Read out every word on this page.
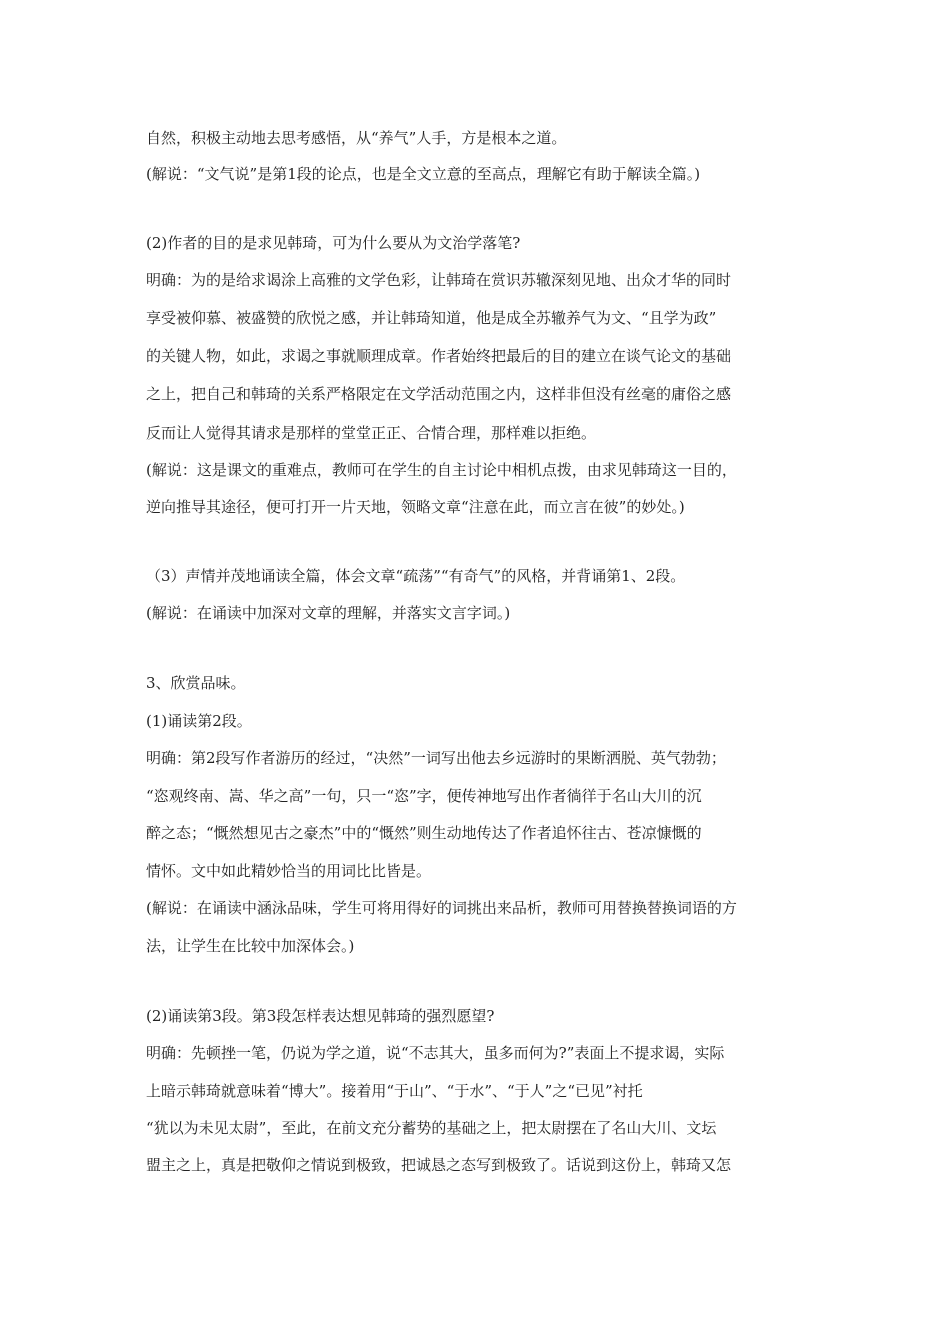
自然，积极主动地去思考感悟，从“养气”人手，方是根本之道。
(解说：“文气说”是第1段的论点，也是全文立意的至高点，理解它有助于解读全篇。)
(2)作者的目的是求见韩琦，可为什么要从为文治学落笔?
明确：为的是给求谒涂上高雅的文学色彩，让韩琦在赏识苏辙深刻见地、出众才华的同时
享受被仰慕、被盛赞的欣悦之感，并让韩琦知道，他是成全苏辙养气为文、“且学为政”
的关键人物，如此，求谒之事就顺理成章。作者始终把最后的目的建立在谈气论文的基础
之上，把自己和韩琦的关系严格限定在文学活动范围之内，这样非但没有丝毫的庸俗之感
反而让人觉得其请求是那样的堂堂正正、合情合理，那样难以拒绝。
(解说：这是课文的重难点，教师可在学生的自主讨论中相机点拨，由求见韩琦这一目的，
逆向推导其途径，便可打开一片天地，领略文章“注意在此，而立言在彼”的妙处。)
（3）声情并茂地诵读全篇，体会文章“疏荡”“有奇气”的风格，并背诵第1、2段。
(解说：在诵读中加深对文章的理解，并落实文言字词。)
3、欣赏品味。
(1)诵读第2段。
明确：第2段写作者游历的经过，“决然”一词写出他去乡远游时的果断洒脱、英气勃勃；
“恣观终南、嵩、华之高”一句，只一“恣”字，便传神地写出作者徜徉于名山大川的沉
醉之态；“慨然想见古之豪杰”中的“慨然”则生动地传达了作者追怀往古、苍凉慷慨的
情怀。文中如此精妙恰当的用词比比皆是。
(解说：在诵读中涵泳品味，学生可将用得好的词挑出来品析，教师可用替换替换词语的方
法，让学生在比较中加深体会。)
(2)诵读第3段。第3段怎样表达想见韩琦的强烈愿望?
明确：先顿挫一笔，仍说为学之道，说“不志其大，虽多而何为?”表面上不提求谒，实际
上暗示韩琦就意味着“博大”。接着用“于山”、“于水”、“于人”之“已见”衬托
“犹以为未见太尉”，至此，在前文充分蓄势的基础之上，把太尉摆在了名山大川、文坛
盟主之上，真是把敬仰之情说到极致，把诚恳之态写到极致了。话说到这份上，韩琦又怎
